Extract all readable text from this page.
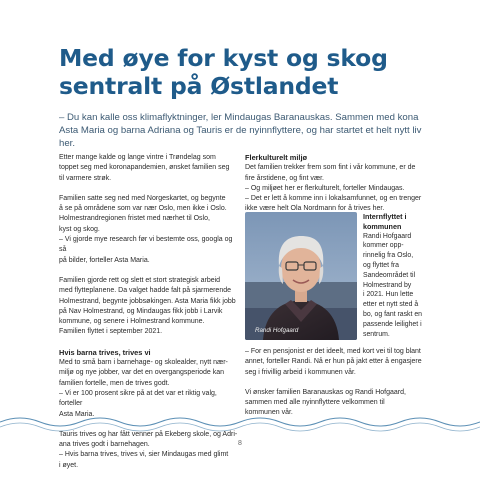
Med øye for kyst og skog sentralt på Østlandet

– Du kan kalle oss klimaflyktninger, ler Mindaugas Baranauskas. Sammen med kona Asta Maria og barna Adriana og Tauris er de nyinnflyttere, og har startet et helt nytt liv her.

Etter mange kalde og lange vintre i Trøndelag som
toppet seg med koronapandemien, ønsket familien seg
til varmere strøk.

Familien satte seg ned med Norgeskartet, og begynte
å se på områdene som var nær Oslo, men ikke i Oslo.
Holmestrandregionen fristet med nærhet til Oslo,
kyst og skog.
– Vi gjorde mye research før vi bestemte oss, googla og så
på bilder, forteller Asta Maria.

Familien gjorde rett og slett et stort strategisk arbeid
med flytteplanene. Da valget hadde falt på sjarmerende
Holmestrand, begynte jobbsøkingen. Asta Maria fikk jobb
på Nav Holmestrand, og Mindaugas fikk jobb i Larvik
kommune, og senere i Holmestrand kommune.
Familien flyttet i september 2021.

Hvis barna trives, trives vi

Med to små barn i barnehage- og skolealder, nytt nær-
miljø og nye jobber, var det en overgangsperiode kan
familien fortelle, men de trives godt.
– Vi er 100 prosent sikre på at det var et riktig valg, forteller
Asta Maria.

Tauris trives og har fått venner på Ekeberg skole, og Adri-
ana trives godt i barnehagen.
– Hvis barna trives, trives vi, sier Mindaugas med glimt
i øyet.

Flerkulturelt miljø

Det familien trekker frem som fint i vår kommune, er de
fire årstidene, og fint vær.
– Og miljøet her er flerkulturelt, forteller Mindaugas.
– Det er lett å komme inn i lokalsamfunnet, og en trenger
ikke være helt Ola Nordmann for å trives her.

Randi Hofgaard

Internflyttet i kommunen

Randi Hofgaard
kommer opp-
rinnelig fra Oslo,
og flyttet fra
Sandeområdet til
Holmestrand by
i 2021. Hun lette
etter et nytt sted å
bo, og fant raskt en
passende leilighet i
sentrum.

– For en pensjonist er det ideelt, med kort vei til tog blant
annet, forteller Randi. Nå er hun på jakt etter å engasjere
seg i frivillig arbeid i kommunen vår.

Vi ønsker familien Baranauskas og Randi Hofgaard,
sammen med alle nyinnflyttere velkommen til
kommunen vår.

8
